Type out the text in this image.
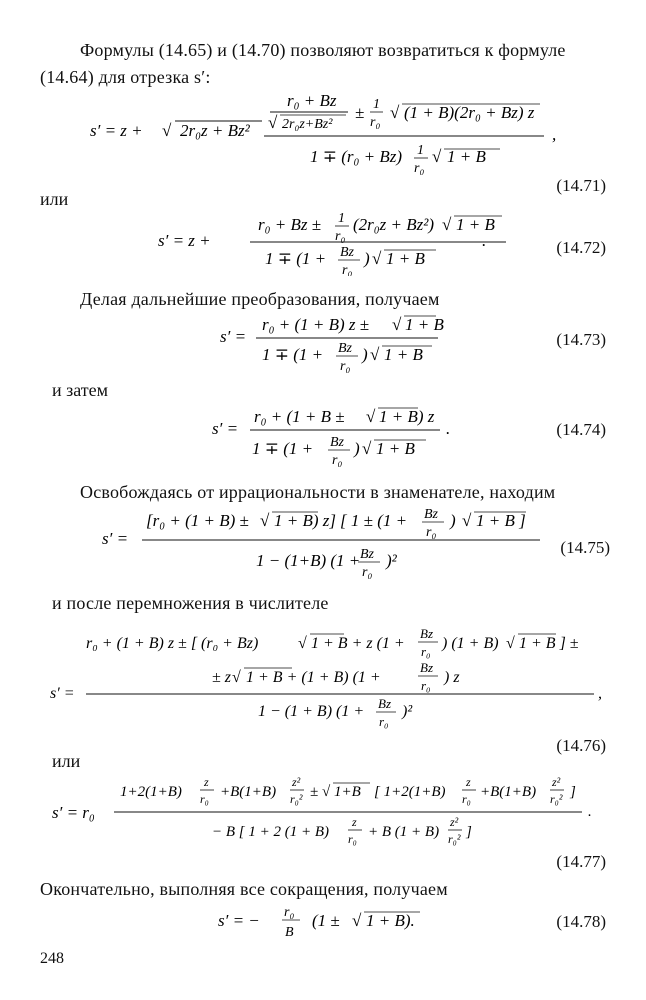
Формулы (14.65) и (14.70) позволяют возвратиться к формуле
(14.64) для отрезка s′:
s′ = z + √ 2r₀z + Bz²
r₀ + Bz
√ 2r₀z+Bz²
± 1
r₀
√ (1 + B)(2r₀ + Bz) z
,
1 ∓ (r₀ + Bz) 1
r₀
√ 1 + B
(14.71)
или
s′ = z +
r₀ + Bz ± 1
r₀
(2r₀z + Bz²) √ 1 + B
1 ∓ (1 + Bz
r₀
) √ 1 + B
.	(14.72)
Делая дальнейшие преобразования, получаем
s′ =
r₀ + (1 + B) z ± √ 1 + B
1 ∓ (1 + Bz
r₀
) √ 1 + B
(14.73)
и затем
s′ =
r₀ + (1 + B ± √ 1 + B) z
.
1 ∓ (1 + Bz
r₀
) √ 1 + B
(14.74)
Освобождаясь от иррациональности в знаменателе, находим
s′ =
[r₀ + (1 + B) ± √ 1 + B) z] [ 1 ± (1 + Bz
r₀
) √ 1 + B ]
1 − (1+B) (1 + Bz
r₀
)²
(14.75)
и после перемножения в числителе
r₀ + (1 + B) z ± [ (r₀ + Bz) √ 1 + B + z (1 +
Bz
r₀ ) (1 + B) √ 1 + B ] ±
± z √ 1 + B + (1 + B) (1 +
Bz
r₀ ) z
s′ =	,
1 − (1 + B) (1 + Bz
r₀
)²
(14.76)
или
s′ = r₀
1+2(1+B)
z
r₀ +B(1+B)
z²
r₀² ± √ 1+B [ 1+2(1+B)
z
r₀ +B(1+B)
z²
r₀² ]
.
− B [ 1 + 2 (1 + B)
z
r₀ + B (1 + B)
z²
r₀² ]
(14.77)
Окончательно, выполняя все сокращения, получаем
s′ = − r₀
B
(1 ± √ 1 + B).	(14.78)
248
